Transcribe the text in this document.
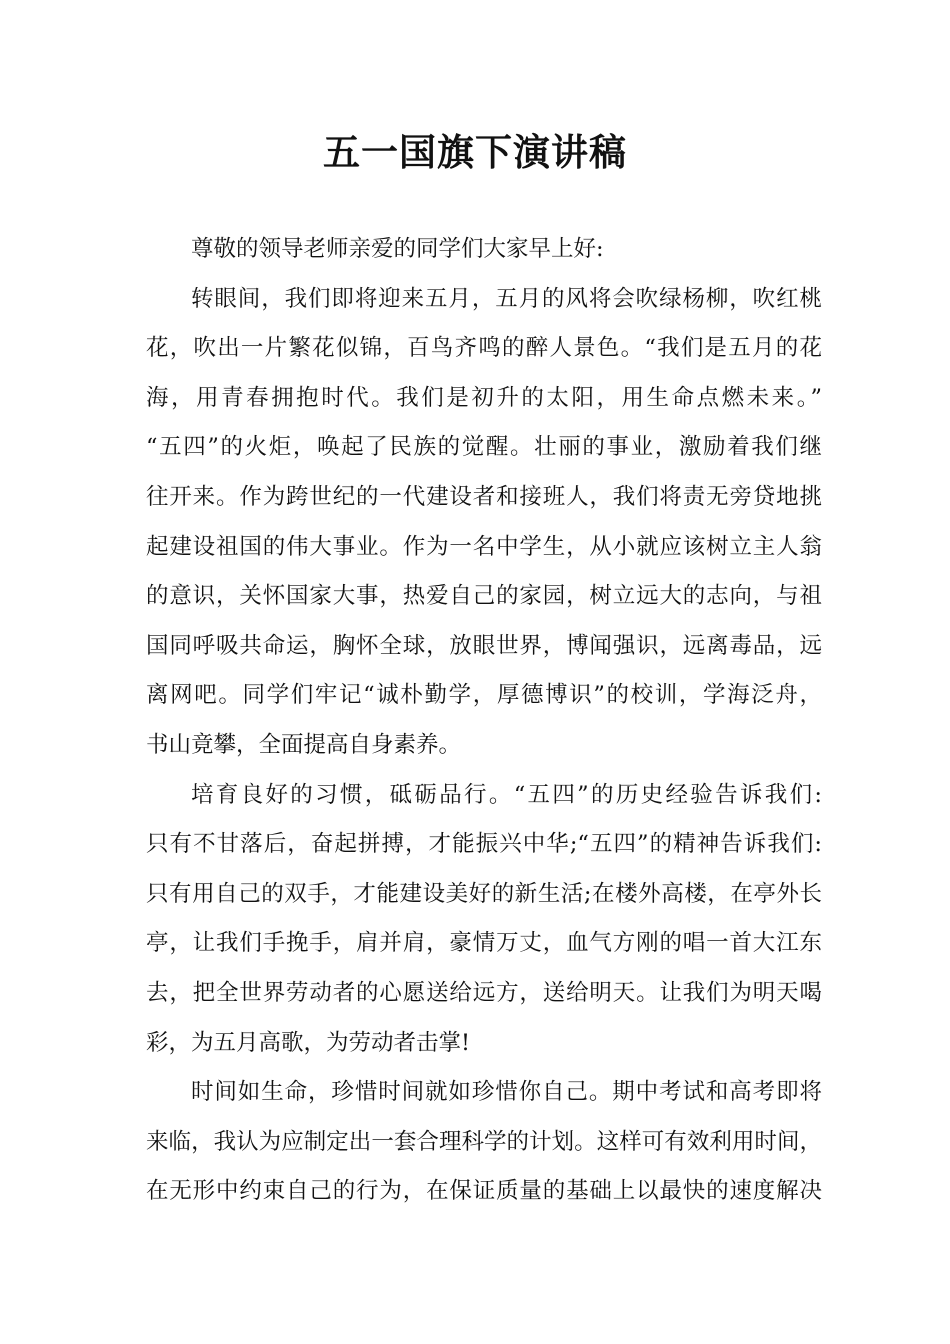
五一国旗下演讲稿
尊敬的领导老师亲爱的同学们大家早上好:
转眼间，我们即将迎来五月，五月的风将会吹绿杨柳，吹红桃
花，吹出一片繁花似锦，百鸟齐鸣的醉人景色。“我们是五月的花
海，用青春拥抱时代。我们是初升的太阳，用生命点燃未来。”
“五四”的火炬，唤起了民族的觉醒。壮丽的事业，激励着我们继
往开来。作为跨世纪的一代建设者和接班人，我们将责无旁贷地挑
起建设祖国的伟大事业。作为一名中学生，从小就应该树立主人翁
的意识，关怀国家大事，热爱自己的家园，树立远大的志向，与祖
国同呼吸共命运，胸怀全球，放眼世界，博闻强识，远离毒品，远
离网吧。同学们牢记“诚朴勤学，厚德博识”的校训，学海泛舟，
书山竟攀，全面提高自身素养。
培育良好的习惯，砥砺品行。“五四”的历史经验告诉我们:
只有不甘落后，奋起拼搏，才能振兴中华;“五四”的精神告诉我们:
只有用自己的双手，才能建设美好的新生活;在楼外高楼，在亭外长
亭，让我们手挽手，肩并肩，豪情万丈，血气方刚的唱一首大江东
去，把全世界劳动者的心愿送给远方，送给明天。让我们为明天喝
彩，为五月高歌，为劳动者击掌!
时间如生命，珍惜时间就如珍惜你自己。期中考试和高考即将
来临，我认为应制定出一套合理科学的计划。这样可有效利用时间，
在无形中约束自己的行为，在保证质量的基础上以最快的速度解决
